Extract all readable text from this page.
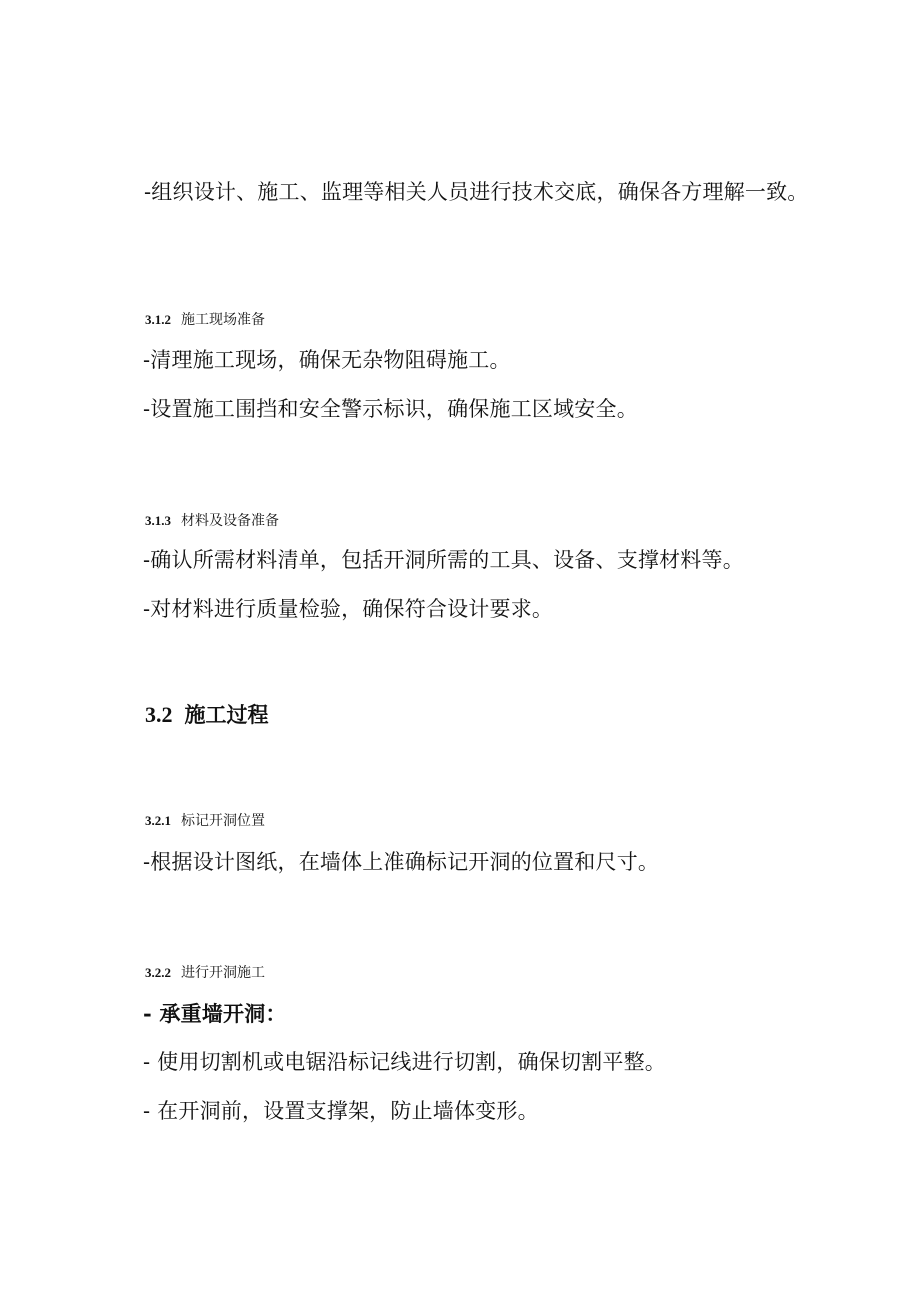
-组织设计、施工、监理等相关人员进行技术交底，确保各方理解一致。
3.1.2 施工现场准备
-清理施工现场，确保无杂物阻碍施工。
-设置施工围挡和安全警示标识，确保施工区域安全。
3.1.3 材料及设备准备
-确认所需材料清单，包括开洞所需的工具、设备、支撑材料等。
-对材料进行质量检验，确保符合设计要求。
3.2 施工过程
3.2.1 标记开洞位置
-根据设计图纸，在墙体上准确标记开洞的位置和尺寸。
3.2.2 进行开洞施工
- 承重墙开洞：
- 使用切割机或电锯沿标记线进行切割，确保切割平整。
- 在开洞前，设置支撑架，防止墙体变形。
